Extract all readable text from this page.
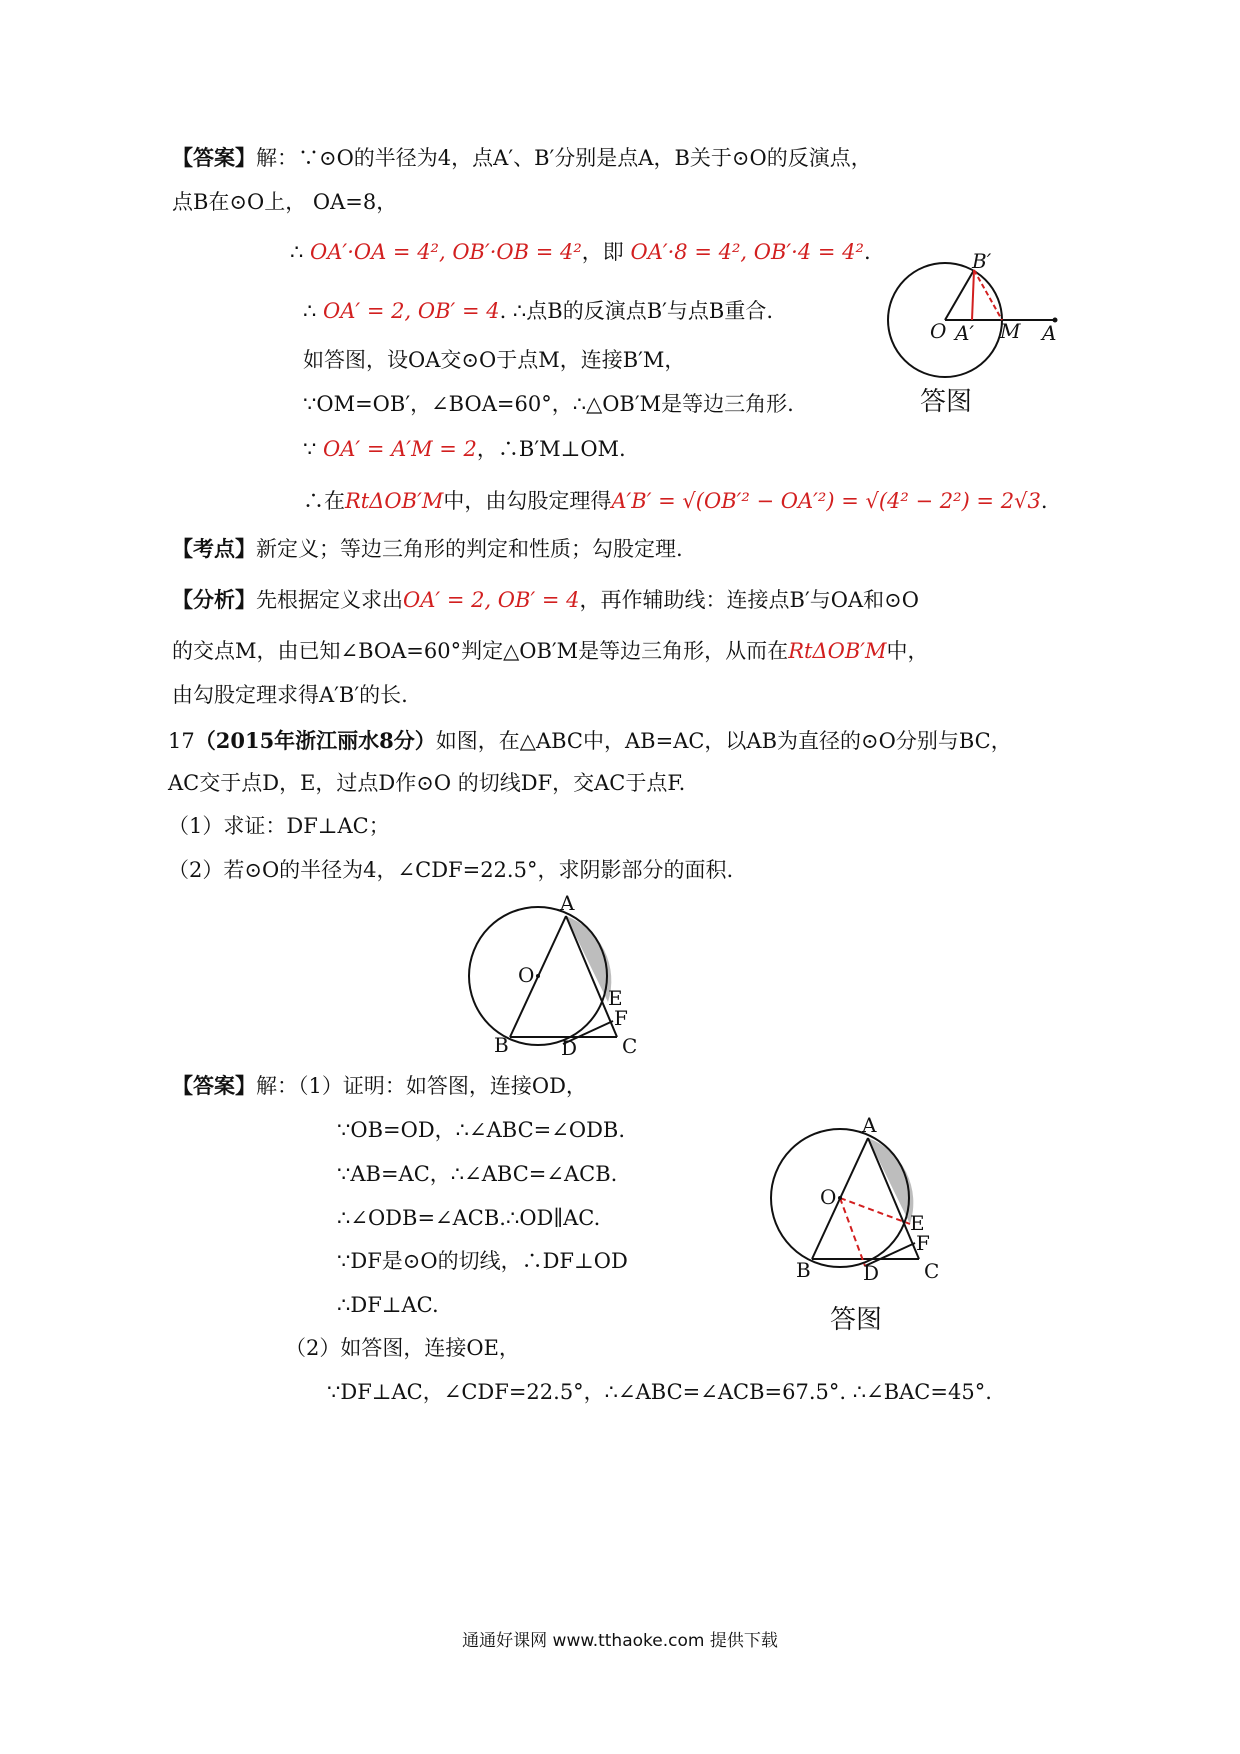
【答案】解：∵⊙O的半径为4，点A′、B′分别是点A，B关于⊙O的反演点，
点B在⊙O上， OA=8，
∴ OA′·OA = 4², OB′·OB = 4²，即 OA′·8 = 4², OB′·4 = 4².
∴ OA′ = 2, OB′ = 4. ∴点B的反演点B′与点B重合.
如答图，设OA交⊙O于点M，连接B′M，
∵OM=OB′，∠BOA=60°，∴△OB′M是等边三角形.
∵ OA′ = A′M = 2，∴B′M⊥OM.
∴在RtΔOB′M中，由勾股定理得A′B′ = √(OB′² − OA′²) = √(4² − 2²) = 2√3.
B′
O A′ M A
答图
【考点】新定义；等边三角形的判定和性质；勾股定理.
【分析】先根据定义求出OA′ = 2, OB′ = 4，再作辅助线：连接点B′与OA和⊙O
的交点M，由已知∠BOA=60°判定△OB′M是等边三角形，从而在RtΔOB′M中，
由勾股定理求得A′B′的长.
17（2015年浙江丽水8分）如图，在△ABC中，AB=AC，以AB为直径的⊙O分别与BC，
AC交于点D，E，过点D作⊙O 的切线DF，交AC于点F.
（1）求证：DF⊥AC；
（2）若⊙O的半径为4，∠CDF=22.5°，求阴影部分的面积.
A
O
E
F
B	D C
【答案】解：（1）证明：如答图，连接OD，
∵OB=OD，∴∠ABC=∠ODB.
∵AB=AC，∴∠ABC=∠ACB.
∴∠ODB=∠ACB.∴OD∥AC.
∵DF是⊙O的切线，∴DF⊥OD
∴DF⊥AC.
（2）如答图，连接OE，
∵DF⊥AC，∠CDF=22.5°，∴∠ABC=∠ACB=67.5°. ∴∠BAC=45°.
A
O
E
F
B	D C
答图
通通好课网 www.tthaoke.com 提供下载
